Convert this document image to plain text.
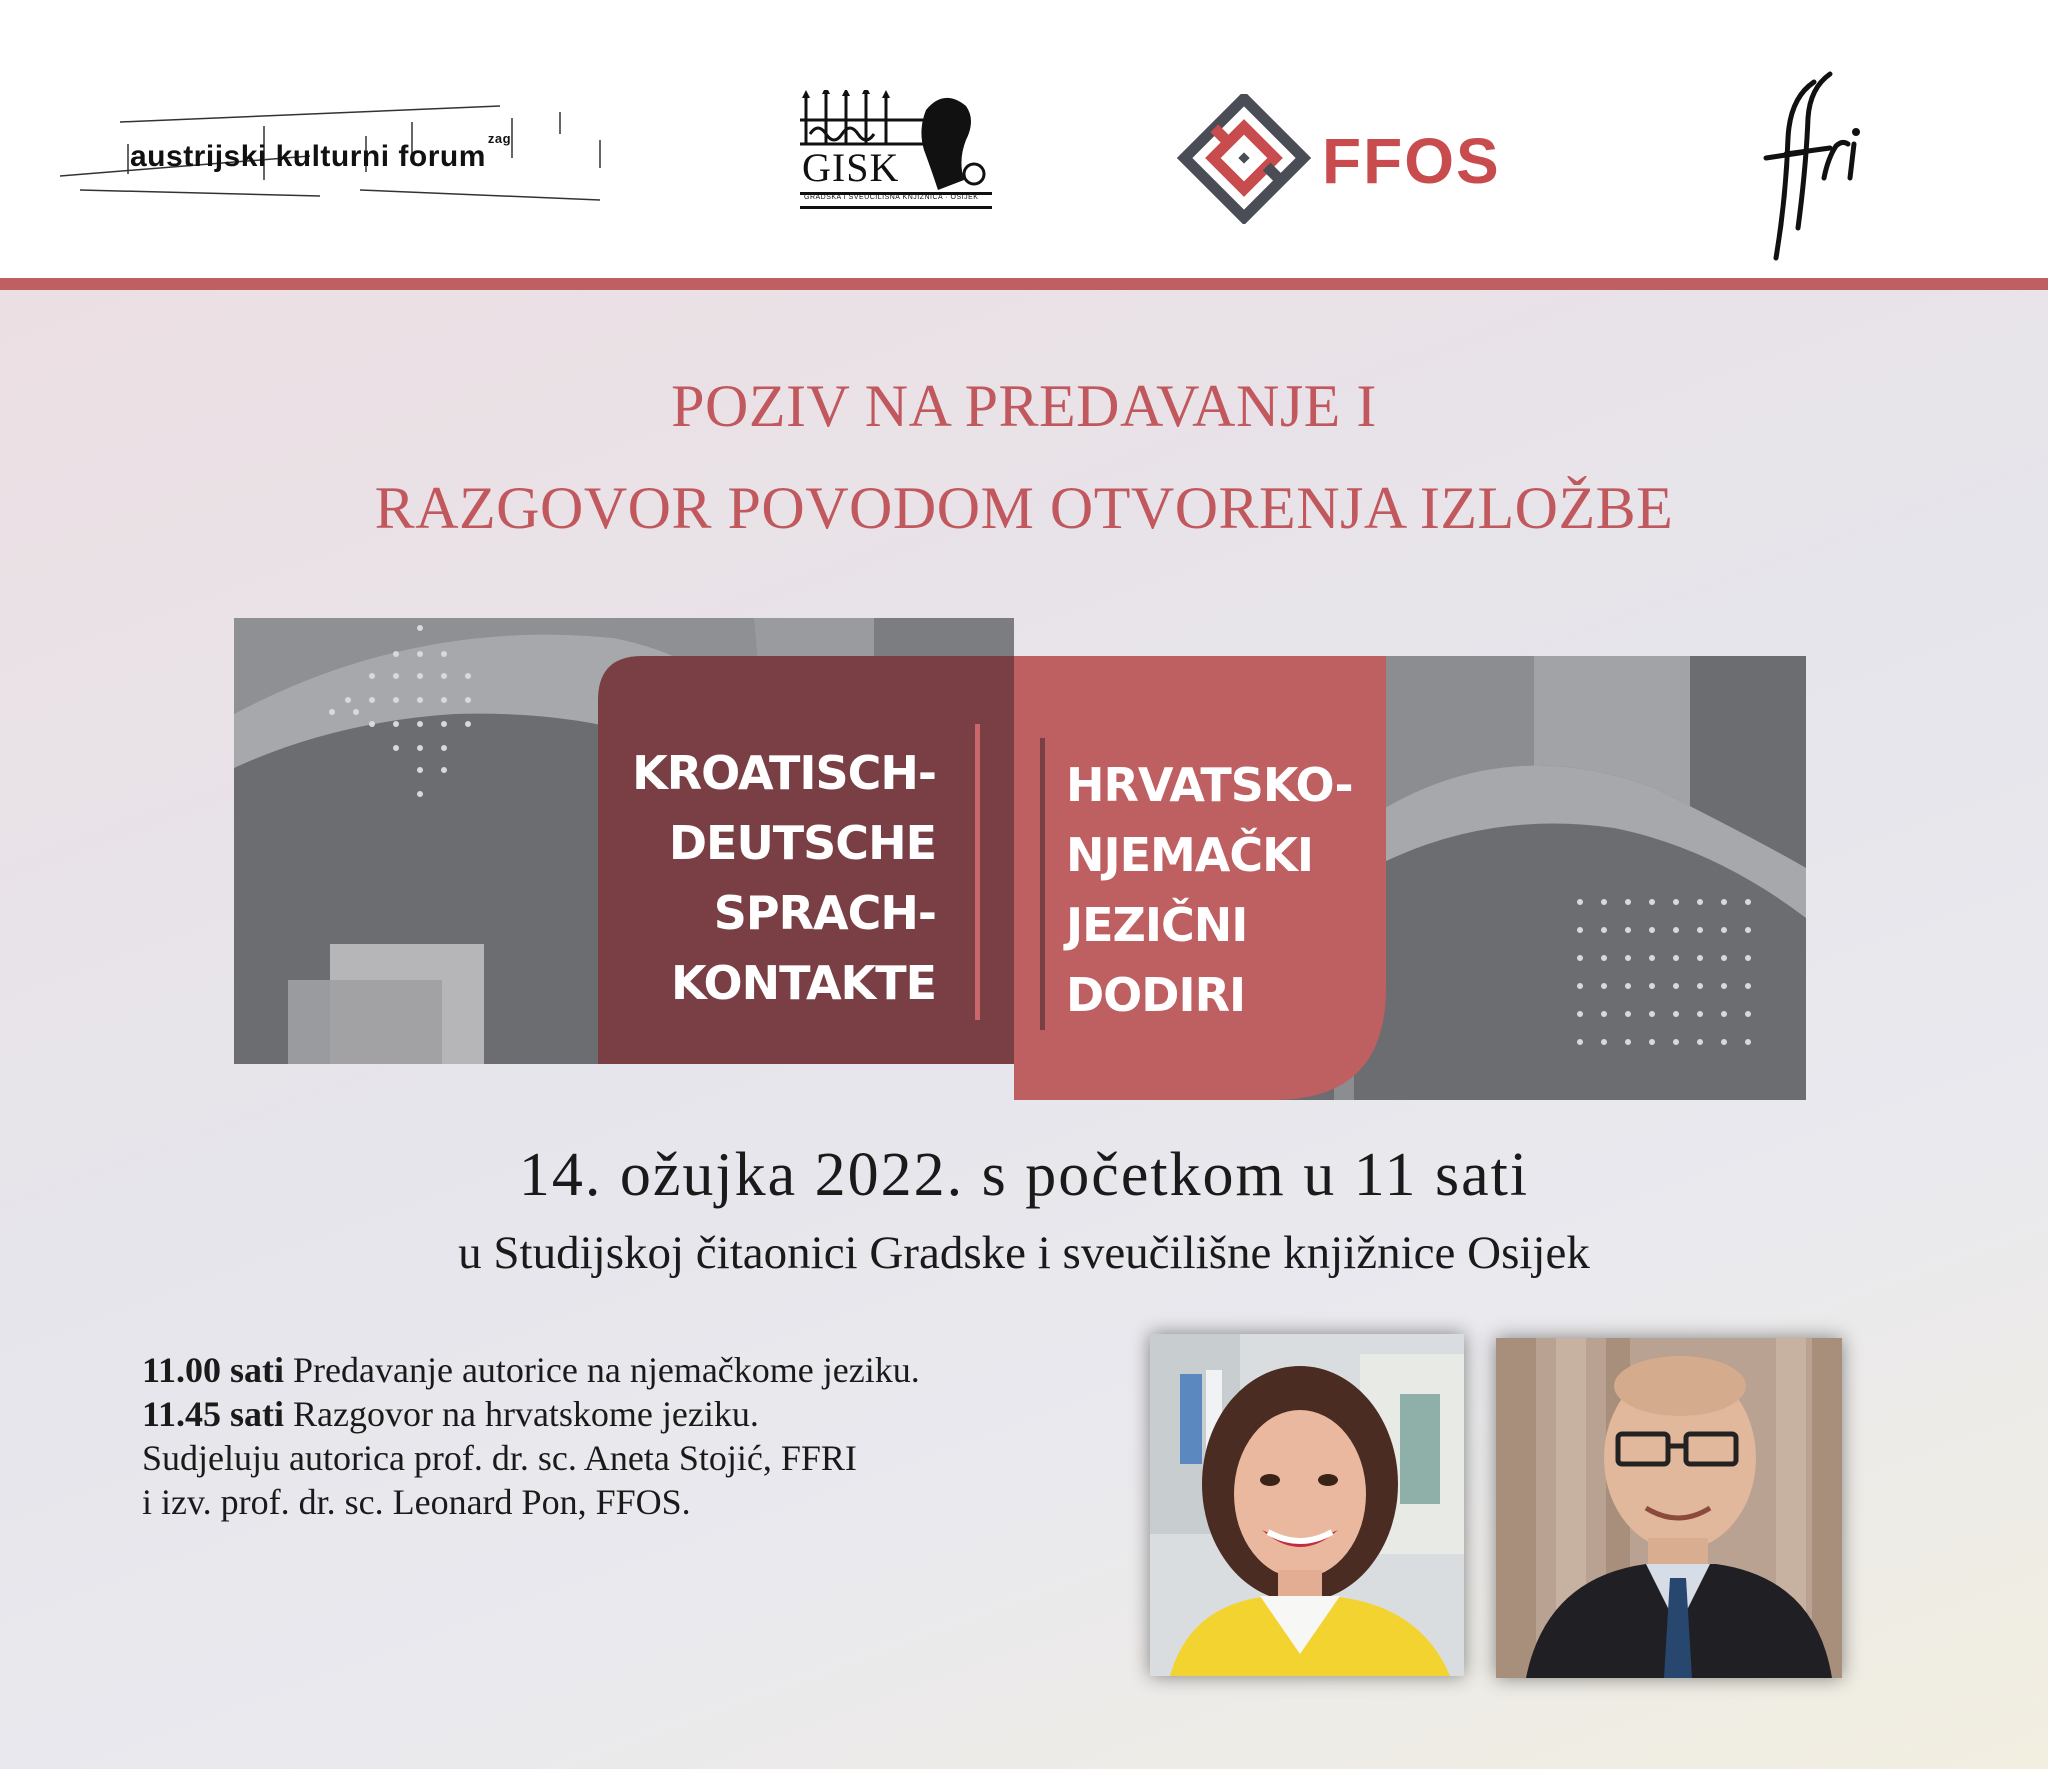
austrijski kulturni forum$^{zag}$
GISK
GRADSKA I SVEUČILIŠNA KNJIŽNICA · OSIJEK
FFOS
POZIV NA PREDAVANJE I
RAZGOVOR POVODOM OTVORENJA IZLOŽBE
KROATISCH-
DEUTSCHE
SPRACH-
KONTAKTE
HRVATSKO-
NJEMAČKI
JEZIČNI
DODIRI
14. ožujka 2022. s početkom u 11 sati
u Studijskoj čitaonici Gradske i sveučilišne knjižnice Osijek
11.00 sati Predavanje autorice na njemačkome jeziku.
11.45 sati Razgovor na hrvatskome jeziku.
Sudjeluju autorica prof. dr. sc. Aneta Stojić, FFRI
i izv. prof. dr. sc. Leonard Pon, FFOS.
